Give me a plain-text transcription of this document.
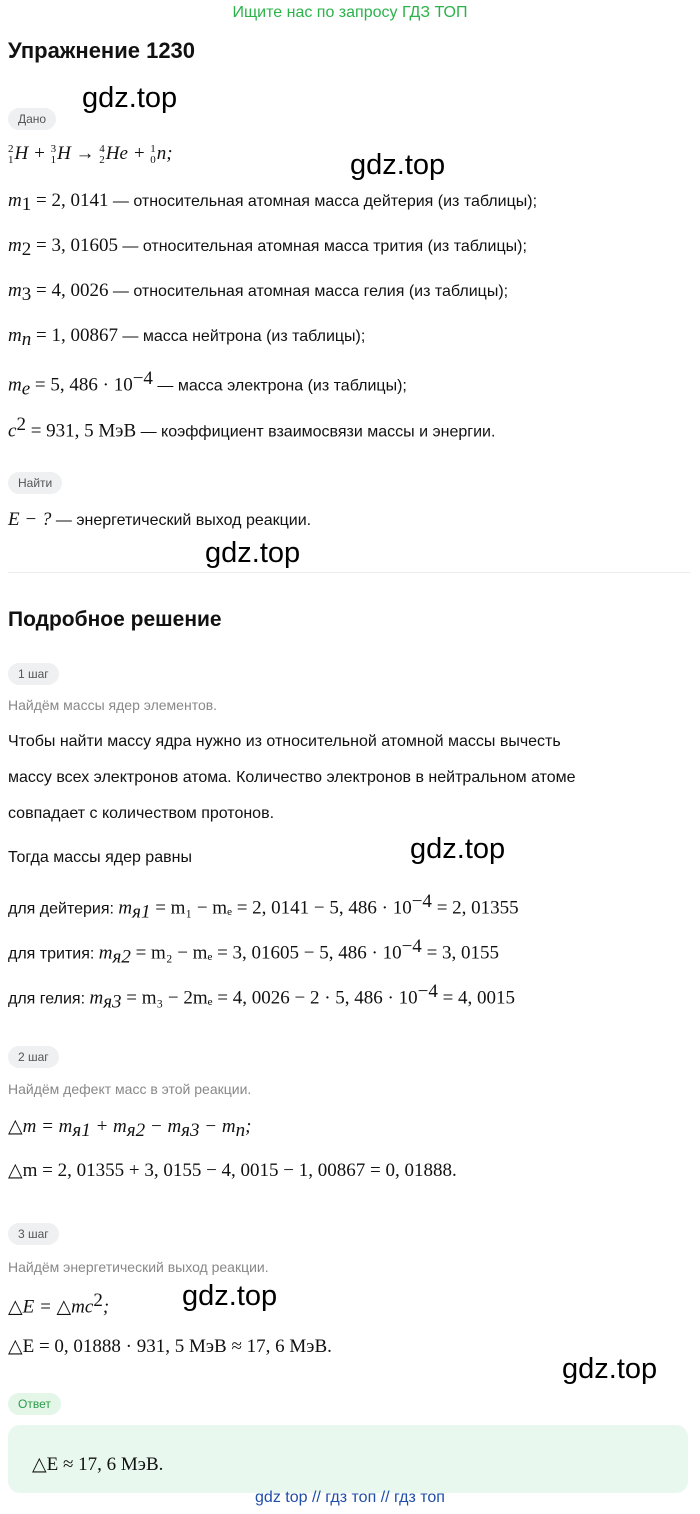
Ищите нас по запросу ГДЗ ТОП
Упражнение 1230
gdz.top
gdz.top
gdz.top
gdz.top
gdz.top
gdz.top
Дано
2
1 H + 3
1 H → 4
2 He + 1
0 n;
$m_1 = 2$, 0141 — относительная атомная масса дейтерия (из таблицы);
$m_2 = 3$, 01605 — относительная атомная масса трития (из таблицы);
$m_3 = 4$, 0026 — относительная атомная масса гелия (из таблицы);
$m_n = 1$, 00867 — масса нейтрона (из таблицы);
$m_e = 5$, $486 \cdot 10^{-4}$ — масса электрона (из таблицы);
$c^2 = 931$, 5 МэВ — коэффициент взаимосвязи массы и энергии.
Найти
E − ? — энергетический выход реакции.
Подробное решение
1 шаг
Найдём массы ядер элементов.
Чтобы найти массу ядра нужно из относительной атомной массы вычесть
массу всех электронов атома. Количество электронов в нейтральном атоме
совпадает с количеством протонов.
Тогда массы ядер равны
для дейтерия: $m_{я1} = m_1 - m_e = 2$, 0141 − 5, $486 \cdot 10^{-4} = 2$, 01355
для трития: $m_{я2} = m_2 - m_e = 3$, 01605 − 5, $486 \cdot 10^{-4} = 3$, 0155
для гелия: $m_{я3} = m_3 - 2m_e = 4$, 0026 − 2 · 5, $486 \cdot 10^{-4} = 4$, 0015
2 шаг
Найдём дефект масс в этой реакции.
△m = $m_{я1} + m_{я2} - m_{я3} - m_n$;
△m = 2, 01355 + 3, 0155 − 4, 0015 − 1, 00867 = 0, 01888.
3 шаг
Найдём энергетический выход реакции.
△E = $\triangle mc^2$;
△E = 0, 01888 · 931, 5 МэВ ≈ 17, 6 МэВ.
Ответ
△E ≈ 17, 6 МэВ.
gdz top // гдз топ // гдз топ
